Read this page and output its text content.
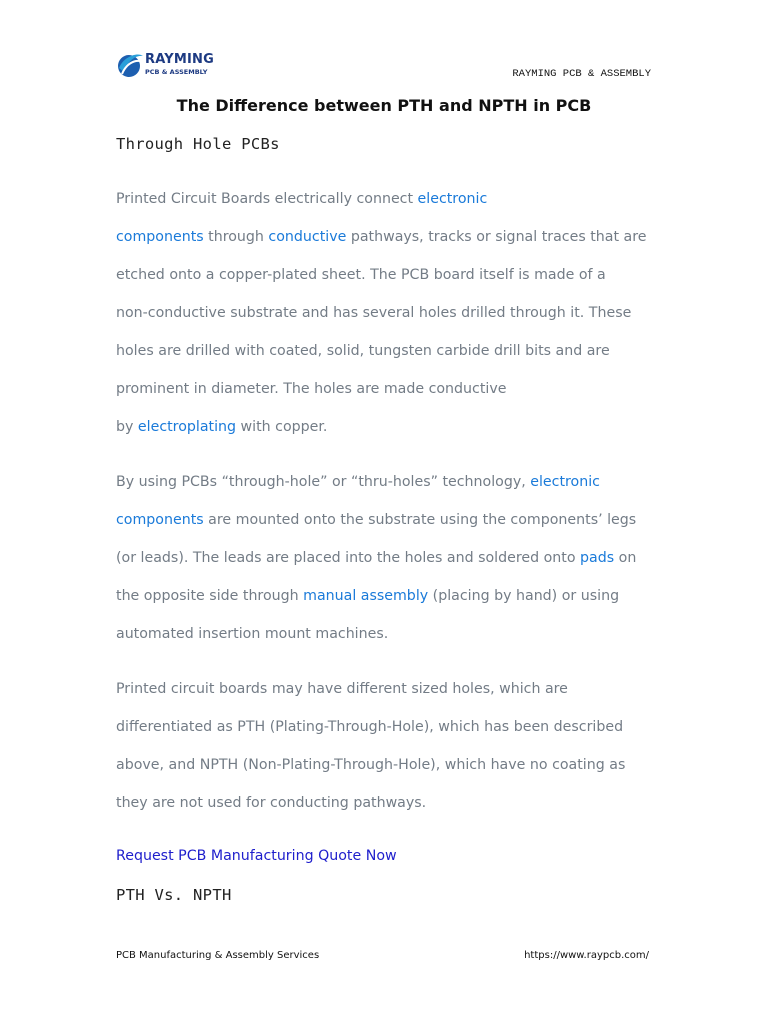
RAYMING
PCB & ASSEMBLY	RAYMING PCB & ASSEMBLY
The Difference between PTH and NPTH in PCB
Through Hole PCBs
Printed Circuit Boards electrically connect electronic
components through conductive pathways, tracks or signal traces that are
etched onto a copper-plated sheet. The PCB board itself is made of a
non-conductive substrate and has several holes drilled through it. These
holes are drilled with coated, solid, tungsten carbide drill bits and are
prominent in diameter. The holes are made conductive
by electroplating with copper.
By using PCBs “through-hole” or “thru-holes” technology, electronic
components are mounted onto the substrate using the components’ legs
(or leads). The leads are placed into the holes and soldered onto pads on
the opposite side through manual assembly (placing by hand) or using
automated insertion mount machines.
Printed circuit boards may have different sized holes, which are
differentiated as PTH (Plating-Through-Hole), which has been described
above, and NPTH (Non-Plating-Through-Hole), which have no coating as
they are not used for conducting pathways.
Request PCB Manufacturing Quote Now
PTH Vs. NPTH
PCB Manufacturing & Assembly Services	https://www.raypcb.com/
